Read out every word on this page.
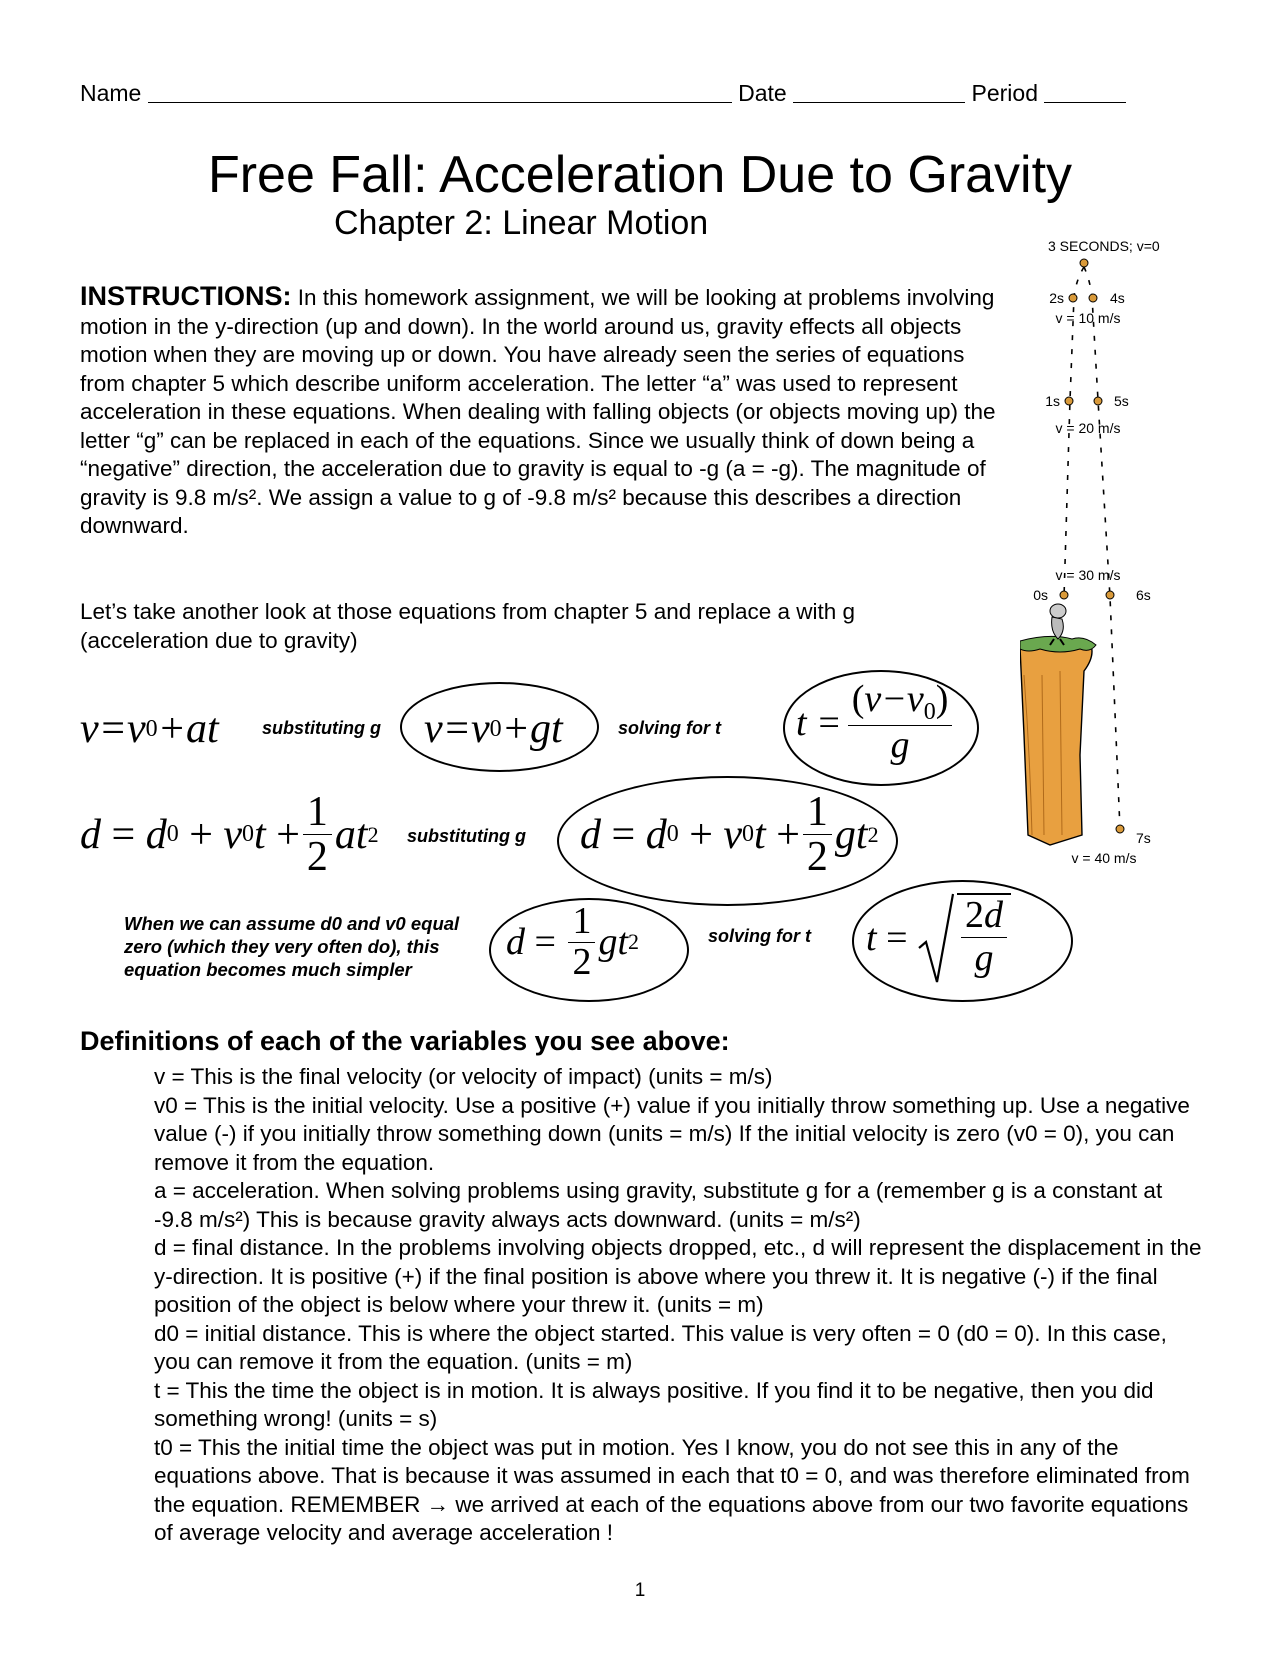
Name	Date	Period
Free Fall: Acceleration Due to Gravity
Chapter 2: Linear Motion
INSTRUCTIONS: In this homework assignment, we will be looking at problems involving motion in the y-direction (up and down). In the world around us, gravity effects all objects motion when they are moving up or down. You have already seen the series of equations from chapter 5 which describe uniform acceleration. The letter “a” was used to represent acceleration in these equations. When dealing with falling objects (or objects moving up) the letter “g” can be replaced in each of the equations. Since we usually think of down being a “negative” direction, the acceleration due to gravity is equal to -g (a = -g). The magnitude of gravity is 9.8 m/s². We assign a value to g of -9.8 m/s² because this describes a direction downward.
Let’s take another look at those equations from chapter 5 and replace a with g (acceleration due to gravity)
v=v 0 +at substituting g v=v 0 +gt	solving for t $t = \frac{(v-v_0)}{g}$
d = d 0 + v 0 $t + \frac{1}{2}$ at 2 substituting g d = d 0 + v 0 $t + \frac{1}{2}$ gt 2
When we can assume d0 and v0 equal zero (which they very often do), this equation becomes much simpler
$d = \frac{1}{2}$ gt 2	solving for t t =
2d
g
3 SECONDS; v=0
2s	4s
v = 10 m/s
1s	5s
v = 20 m/s
v = 30 m/s
0s	6s
7s
v = 40 m/s
Definitions of each of the variables you see above:

v = This is the final velocity (or velocity of impact) (units = m/s)

v0 = This is the initial velocity. Use a positive (+) value if you initially throw something up. Use a negative value (-) if you initially throw something down (units = m/s) If the initial velocity is zero (v0 = 0), you can remove it from the equation.

a = acceleration. When solving problems using gravity, substitute g for a (remember g is a constant at -9.8 m/s²) This is because gravity always acts downward. (units = m/s²)

d = final distance. In the problems involving objects dropped, etc., d will represent the displacement in the y-direction. It is positive (+) if the final position is above where you threw it. It is negative (-) if the final position of the object is below where your threw it. (units = m)

d0 = initial distance. This is where the object started. This value is very often = 0 (d0 = 0). In this case, you can remove it from the equation. (units = m)

t = This the time the object is in motion. It is always positive. If you find it to be negative, then you did something wrong! (units = s)

t0 = This the initial time the object was put in motion. Yes I know, you do not see this in any of the equations above. That is because it was assumed in each that t0 = 0, and was therefore eliminated from the equation. REMEMBER → we arrived at each of the equations above from our two favorite equations of average velocity and average acceleration !

1
